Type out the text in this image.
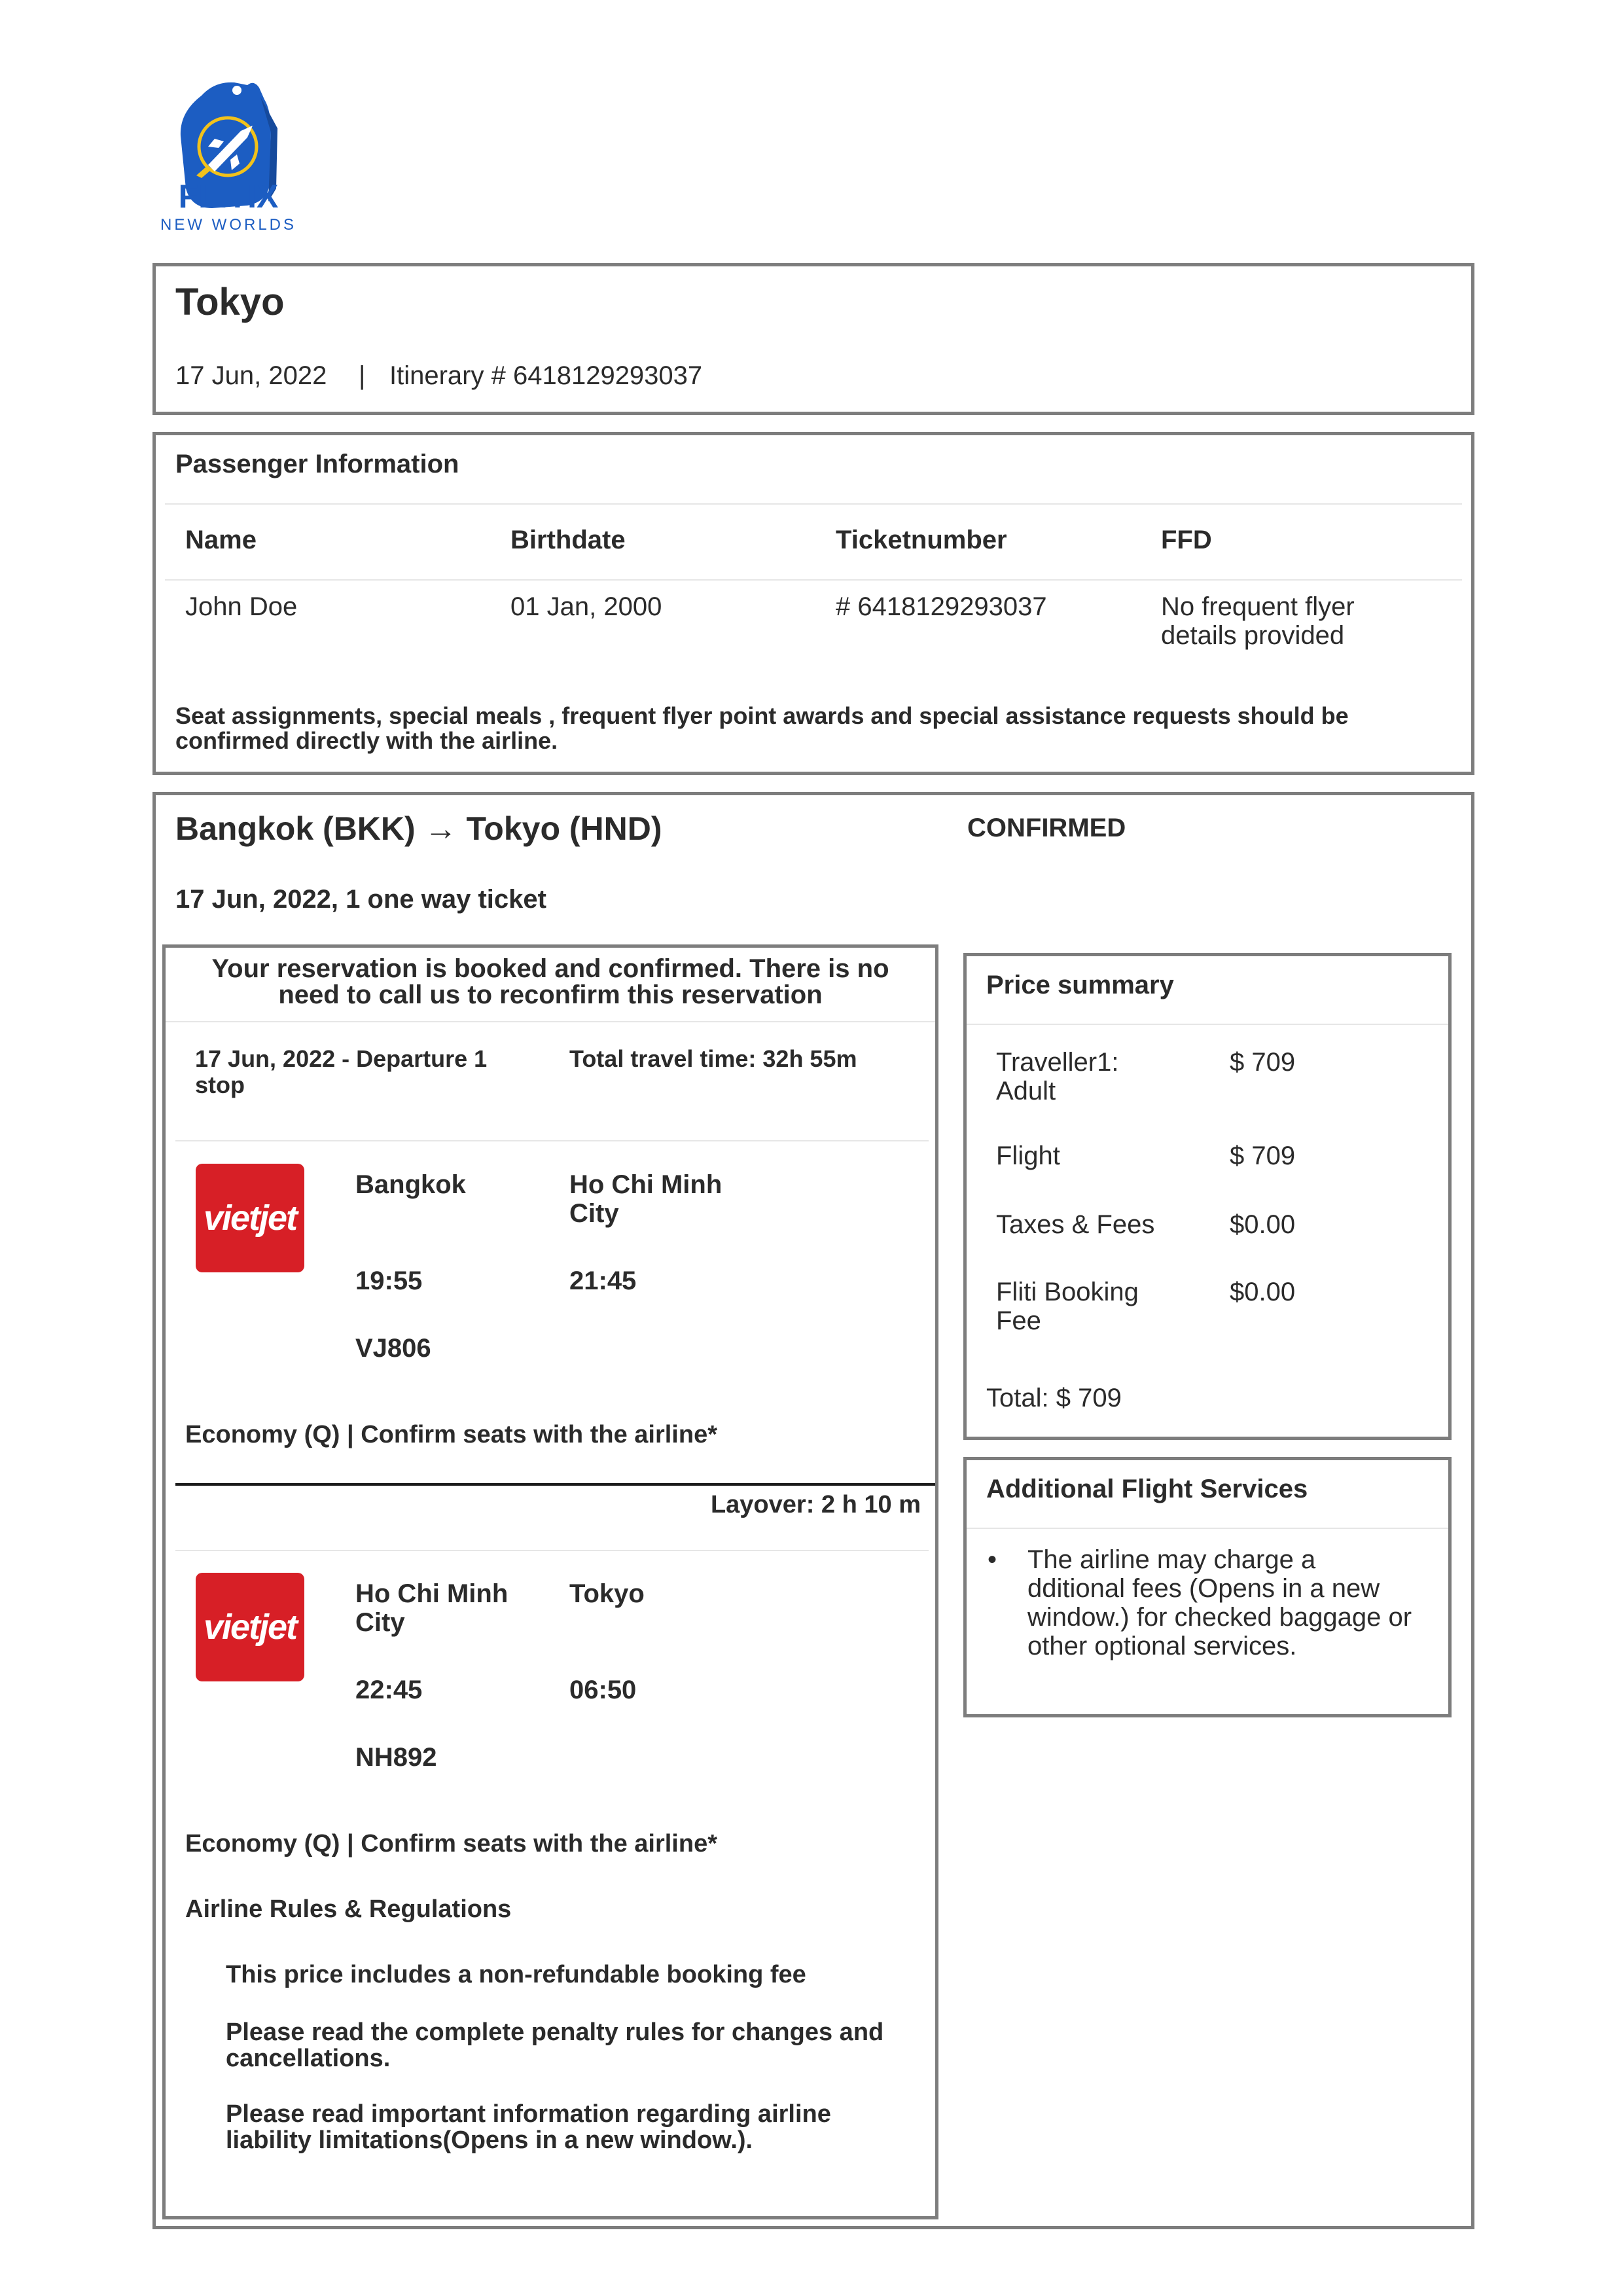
FLITIX
NEW WORLDS
Tokyo
17 Jun, 2022 | Itinerary # 6418129293037
Passenger Information
Name	Birthdate	Ticketnumber	FFD
John Doe	01 Jan, 2000	# 6418129293037	No frequent flyer
details provided
Seat assignments, special meals , frequent flyer point awards and special assistance requests should be
confirmed directly with the airline.
Bangkok (BKK) → Tokyo (HND)	CONFIRMED
17 Jun, 2022, 1 one way ticket
Your reservation is booked and confirmed. There is no
need to call us to reconfirm this reservation
17 Jun, 2022 - Departure 1
stop
Total travel time: 32h 55m
vietjet
Bangkok	Ho Chi Minh
City
19:55	21:45
VJ806
Economy (Q) | Confirm seats with the airline*
Layover: 2 h 10 m
vietjet
Ho Chi Minh
City
Tokyo
22:45	06:50
NH892
Economy (Q) | Confirm seats with the airline*
Airline Rules & Regulations
This price includes a non-refundable booking fee
Please read the complete penalty rules for changes and
cancellations.
Please read important information regarding airline
liability limitations(Opens in a new window.).
Price summary
Traveller1:
Adult
$ 709
Flight	$ 709
Taxes & Fees	$0.00
Fliti Booking
Fee
$0.00
Total: $ 709
Additional Flight Services
• The airline may charge a
dditional fees (Opens in a new
window.) for checked baggage or
other optional services.
